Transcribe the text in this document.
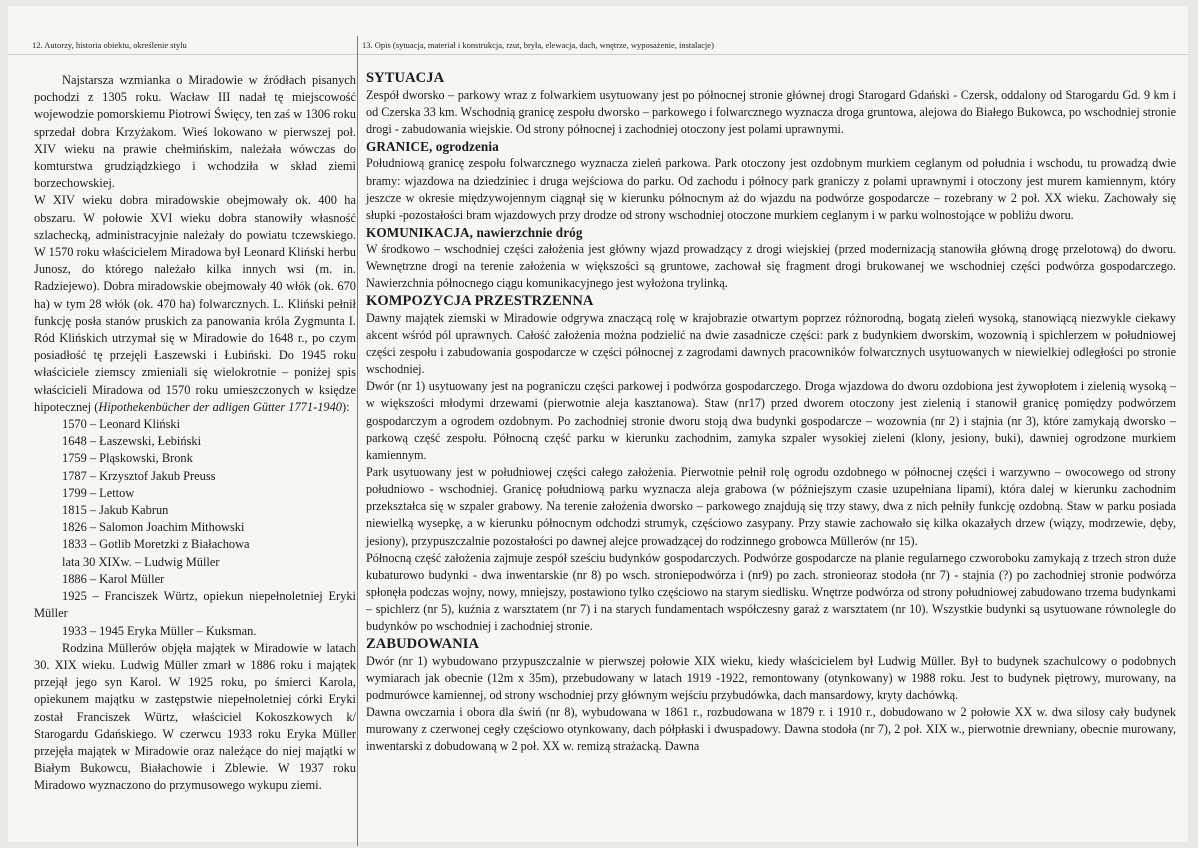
12. Autorzy, historia obiektu, określenie stylu	13. Opis (sytuacja, materiał i konstrukcja, rzut, bryła, elewacja, dach, wnętrze, wyposażenie, instalacje)

Najstarsza wzmianka o Miradowie w źródłach pisanych pochodzi z 1305 roku. Wacław III nadał tę miejscowość wojewodzie pomorskiemu Piotrowi Święcy, ten zaś w 1306 roku sprzedał dobra Krzyżakom. Wieś lokowano w pierwszej poł. XIV wieku na prawie chełmińskim, należała wówczas do komturstwa grudziądzkiego i wchodziła w skład ziemi borzechowskiej.

W XIV wieku dobra miradowskie obejmowały ok. 400 ha obszaru. W połowie XVI wieku dobra stanowiły własność szlachecką, administracyjnie należały do powiatu tczewskiego. W 1570 roku właścicielem Miradowa był Leonard Kliński herbu Junosz, do którego należało kilka innych wsi (m. in. Radziejewo). Dobra miradowskie obejmowały 40 włók (ok. 670 ha) w tym 28 włók (ok. 470 ha) folwarcznych. L. Kliński pełnił funkcję posła stanów pruskich za panowania króla Zygmunta I. Ród Klińskich utrzymał się w Miradowie do 1648 r., po czym posiadłość tę przejęli Łaszewski i Łubiński. Do 1945 roku właściciele ziemscy zmieniali się wielokrotnie – poniżej spis właścicieli Miradowa od 1570 roku umieszczonych w księdze hipotecznej (Hipothekenbücher der adligen Gütter 1771-1940):

1570 – Leonard Kliński

1648 – Łaszewski, Łebiński

1759 – Pląskowski, Bronk

1787 – Krzysztof Jakub Preuss

1799 – Lettow

1815 – Jakub Kabrun

1826 – Salomon Joachim Mithowski

1833 – Gotlib Moretzki z Białachowa

lata 30 XIXw. – Ludwig Müller

1886 – Karol Müller

1925 – Franciszek Würtz, opiekun niepełnoletniej Eryki Müller

1933 – 1945 Eryka Müller – Kuksman.

Rodzina Müllerów objęła majątek w Miradowie w latach 30. XIX wieku. Ludwig Müller zmarł w 1886 roku i majątek przejął jego syn Karol. W 1925 roku, po śmierci Karola, opiekunem majątku w zastępstwie niepełnoletniej córki Eryki został Franciszek Würtz, właściciel Kokoszkowych k/ Starogardu Gdańskiego. W czerwcu 1933 roku Eryka Müller przejęła majątek w Miradowie oraz należące do niej majątki w Białym Bukowcu, Białachowie i Zblewie. W 1937 roku Miradowo wyznaczono do przymusowego wykupu ziemi.

SYTUACJA

Zespół dworsko – parkowy wraz z folwarkiem usytuowany jest po północnej stronie głównej drogi Starogard Gdański - Czersk, oddalony od Starogardu Gd. 9 km i od Czerska 33 km. Wschodnią granicę zespołu dworsko – parkowego i folwarcznego wyznacza droga gruntowa, alejowa do Białego Bukowca, po wschodniej stronie drogi - zabudowania wiejskie. Od strony północnej i zachodniej otoczony jest polami uprawnymi.

GRANICE, ogrodzenia

Południową granicę zespołu folwarcznego wyznacza zieleń parkowa. Park otoczony jest ozdobnym murkiem ceglanym od południa i wschodu, tu prowadzą dwie bramy: wjazdowa na dziedziniec i druga wejściowa do parku. Od zachodu i północy park graniczy z polami uprawnymi i otoczony jest murem kamiennym, który jeszcze w okresie międzywojennym ciągnął się w kierunku północnym aż do wjazdu na podwórze gospodarcze – rozebrany w 2 poł. XX wieku. Zachowały się słupki -pozostałości bram wjazdowych przy drodze od strony wschodniej otoczone murkiem ceglanym i w parku wolnostojące w pobliżu dworu.

KOMUNIKACJA, nawierzchnie dróg

W środkowo – wschodniej części założenia jest główny wjazd prowadzący z drogi wiejskiej (przed modernizacją stanowiła główną drogę przelotową) do dworu. Wewnętrzne drogi na terenie założenia w większości są gruntowe, zachował się fragment drogi brukowanej we wschodniej części podwórza gospodarczego. Nawierzchnia północnego ciągu komunikacyjnego jest wyłożona trylinką.

KOMPOZYCJA PRZESTRZENNA

Dawny majątek ziemski w Miradowie odgrywa znaczącą rolę w krajobrazie otwartym poprzez różnorodną, bogatą zieleń wysoką, stanowiącą niezwykle ciekawy akcent wśród pól uprawnych. Całość założenia można podzielić na dwie zasadnicze części: park z budynkiem dworskim, wozownią i spichlerzem w południowej części zespołu i zabudowania gospodarcze w części północnej z zagrodami dawnych pracowników folwarcznych usytuowanych w niewielkiej odległości po stronie wschodniej.

Dwór (nr 1) usytuowany jest na pograniczu części parkowej i podwórza gospodarczego. Droga wjazdowa do dworu ozdobiona jest żywopłotem i zielenią wysoką – w większości młodymi drzewami (pierwotnie aleja kasztanowa). Staw (nr17) przed dworem otoczony jest zielenią i stanowił granicę pomiędzy podwórzem gospodarczym a ogrodem ozdobnym. Po zachodniej stronie dworu stoją dwa budynki gospodarcze – wozownia (nr 2) i stajnia (nr 3), które zamykają dworsko – parkową część zespołu. Północną część parku w kierunku zachodnim, zamyka szpaler wysokiej zieleni (klony, jesiony, buki), dawniej ogrodzone murkiem kamiennym.

Park usytuowany jest w południowej części całego założenia. Pierwotnie pełnił rolę ogrodu ozdobnego w północnej części i warzywno – owocowego od strony południowo - wschodniej. Granicę południową parku wyznacza aleja grabowa (w późniejszym czasie uzupełniana lipami), która dalej w kierunku zachodnim przekształca się w szpaler grabowy. Na terenie założenia dworsko – parkowego znajdują się trzy stawy, dwa z nich pełniły funkcję ozdobną. Staw w parku posiada niewielką wysepkę, a w kierunku północnym odchodzi strumyk, częściowo zasypany. Przy stawie zachowało się kilka okazałych drzew (wiązy, modrzewie, dęby, jesiony), przypuszczalnie pozostałości po dawnej alejce prowadzącej do rodzinnego grobowca Müllerów (nr 15).

Północną część założenia zajmuje zespół sześciu budynków gospodarczych. Podwórze gospodarcze na planie regularnego czworoboku zamykają z trzech stron duże kubaturowo budynki - dwa inwentarskie (nr 8) po wsch. stroniepodwórza i (nr9) po zach. stronieoraz stodoła (nr 7) - stajnia (?) po zachodniej stronie podwórza spłonęła podczas wojny, nowy, mniejszy, postawiono tylko częściowo na starym siedlisku. Wnętrze podwórza od strony południowej zabudowano trzema budynkami – spichlerz (nr 5), kuźnia z warsztatem (nr 7) i na starych fundamentach współczesny garaż z warsztatem (nr 10). Wszystkie budynki są usytuowane równolegle do budynków po wschodniej i zachodniej stronie.

ZABUDOWANIA

Dwór (nr 1) wybudowano przypuszczalnie w pierwszej połowie XIX wieku, kiedy właścicielem był Ludwig Müller. Był to budynek szachulcowy o podobnych wymiarach jak obecnie (12m x 35m), przebudowany w latach 1919 -1922, remontowany (otynkowany) w 1988 roku. Jest to budynek piętrowy, murowany, na podmurówce kamiennej, od strony wschodniej przy głównym wejściu przybudówka, dach mansardowy, kryty dachówką.

Dawna owczarnia i obora dla świń (nr 8), wybudowana w 1861 r., rozbudowana w 1879 r. i 1910 r., dobudowano w 2 połowie XX w. dwa silosy cały budynek murowany z czerwonej cegły częściowo otynkowany, dach półpłaski i dwuspadowy. Dawna stodoła (nr 7), 2 poł. XIX w., pierwotnie drewniany, obecnie murowany, inwentarski z dobudowaną w 2 poł. XX w. remizą strażacką. Dawna
